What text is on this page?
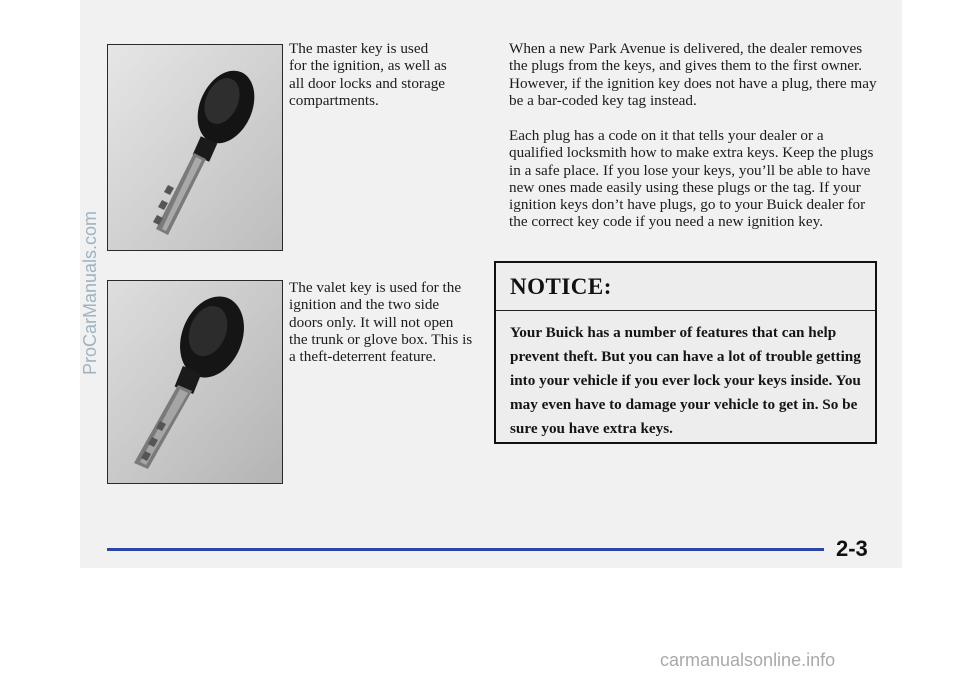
The master key is used for the ignition, as well as all door locks and storage compartments.
The valet key is used for the ignition and the two side doors only. It will not open the trunk or glove box. This is a theft-deterrent feature.

When a new Park Avenue is delivered, the dealer removes the plugs from the keys, and gives them to the first owner. However, if the ignition key does not have a plug, there may be a bar-coded key tag instead.

Each plug has a code on it that tells your dealer or a qualified locksmith how to make extra keys. Keep the plugs in a safe place. If you lose your keys, you’ll be able to have new ones made easily using these plugs or the tag. If your ignition keys don’t have plugs, go to your Buick dealer for the correct key code if you need a new ignition key.

NOTICE:
Your Buick has a number of features that can help prevent theft. But you can have a lot of trouble getting into your vehicle if you ever lock your keys inside. You may even have to damage your vehicle to get in. So be sure you have extra keys.
2-3
ProCarManuals.com
carmanualsonline.info
